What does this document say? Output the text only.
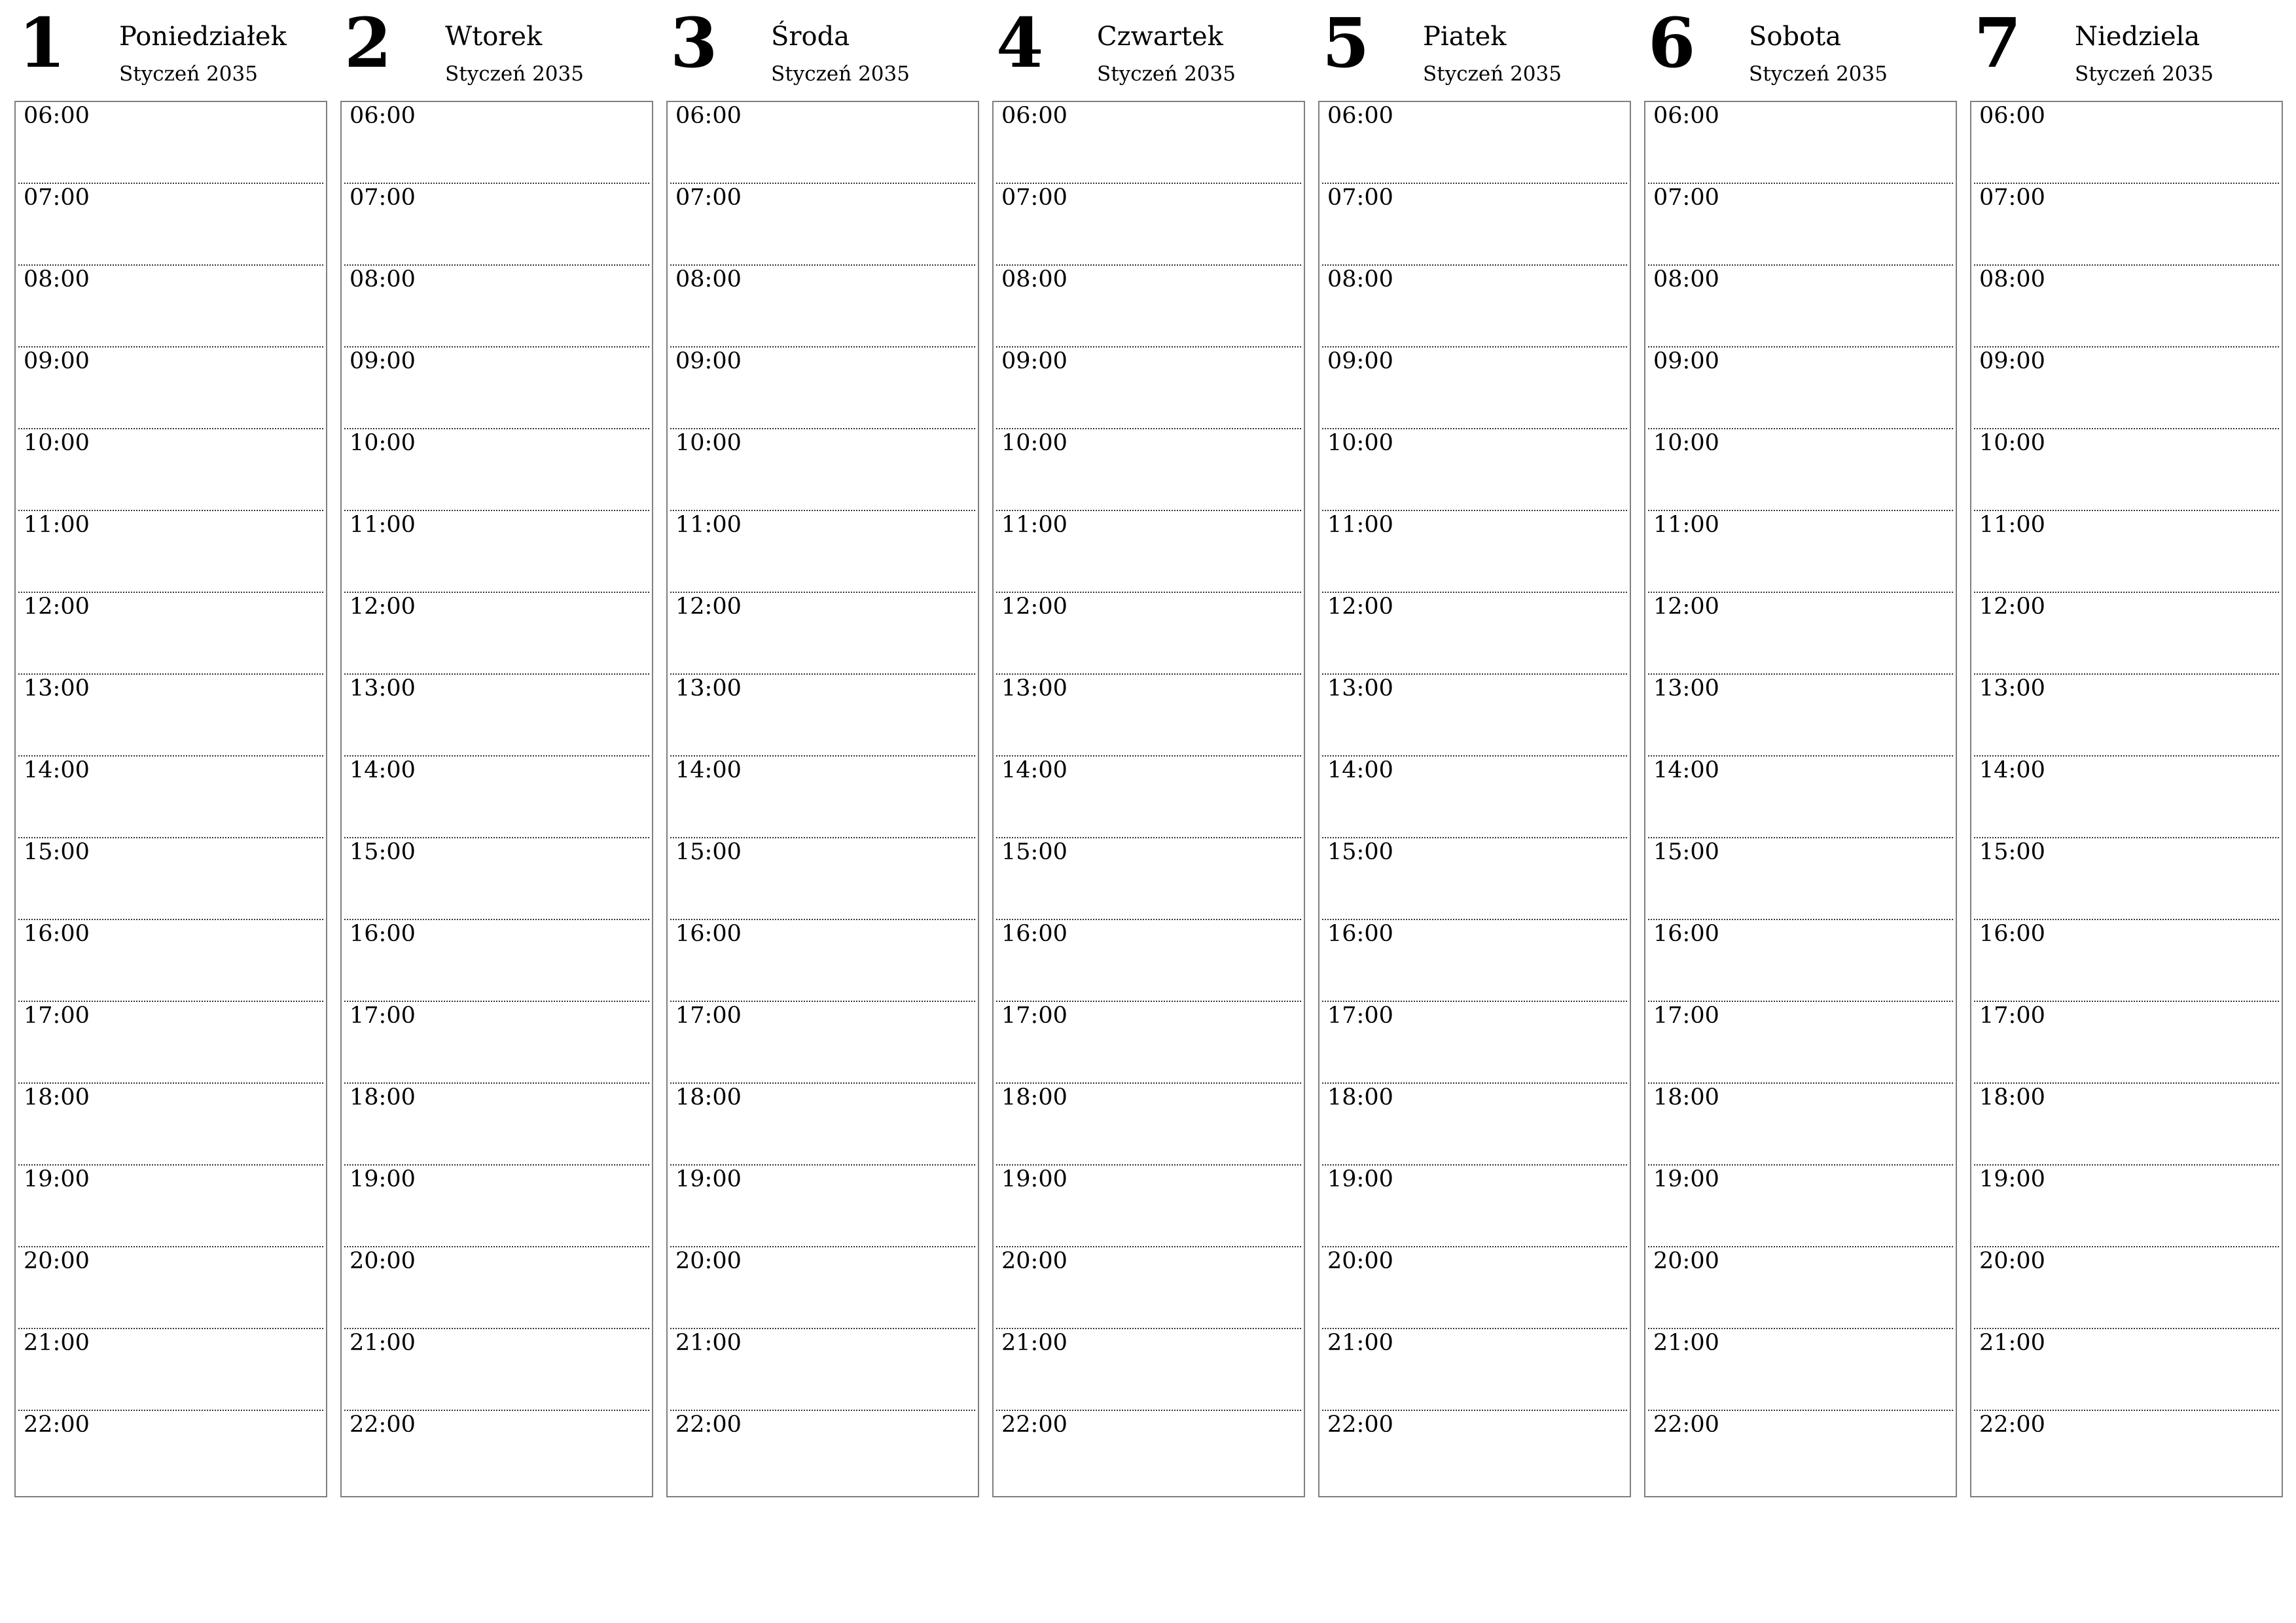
1 Poniedziałek
Styczeń 2035
06:00
07:00
08:00
09:00
10:00
11:00
12:00
13:00
14:00
15:00
16:00
17:00
18:00
19:00
20:00
21:00
22:00
2 Wtorek
Styczeń 2035
06:00
07:00
08:00
09:00
10:00
11:00
12:00
13:00
14:00
15:00
16:00
17:00
18:00
19:00
20:00
21:00
22:00
3 Środa
Styczeń 2035
06:00
07:00
08:00
09:00
10:00
11:00
12:00
13:00
14:00
15:00
16:00
17:00
18:00
19:00
20:00
21:00
22:00
4 Czwartek
Styczeń 2035
06:00
07:00
08:00
09:00
10:00
11:00
12:00
13:00
14:00
15:00
16:00
17:00
18:00
19:00
20:00
21:00
22:00
5 Piatek
Styczeń 2035
06:00
07:00
08:00
09:00
10:00
11:00
12:00
13:00
14:00
15:00
16:00
17:00
18:00
19:00
20:00
21:00
22:00
6 Sobota
Styczeń 2035
06:00
07:00
08:00
09:00
10:00
11:00
12:00
13:00
14:00
15:00
16:00
17:00
18:00
19:00
20:00
21:00
22:00
7 Niedziela
Styczeń 2035
06:00
07:00
08:00
09:00
10:00
11:00
12:00
13:00
14:00
15:00
16:00
17:00
18:00
19:00
20:00
21:00
22:00
